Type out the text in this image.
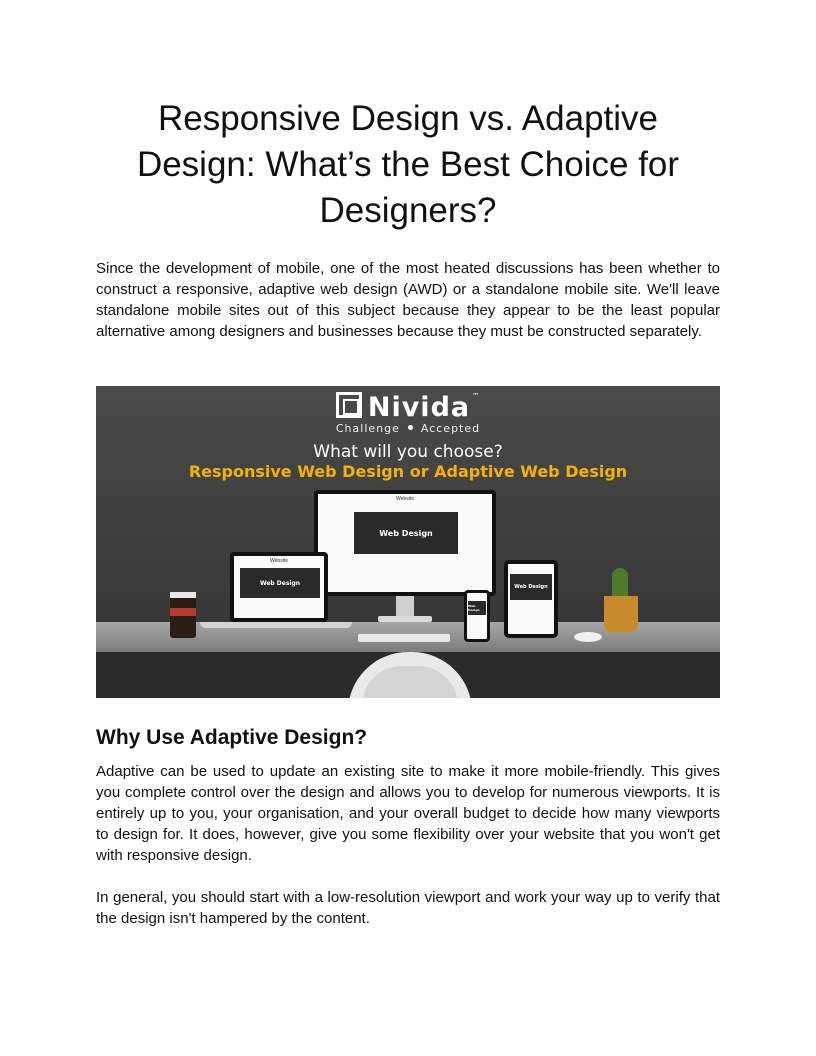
Responsive Design vs. Adaptive Design: What’s the Best Choice for Designers?

Since the development of mobile, one of the most heated discussions has been whether to construct a responsive, adaptive web design (AWD) or a standalone mobile site. We'll leave standalone mobile sites out of this subject because they appear to be the least popular alternative among designers and businesses because they must be constructed separately.

Nivida ™
Challenge Accepted
What will you choose?
Responsive Web Design or Adaptive Web Design
Website
Web Design
Website
Web Design
Web Design
Web Design
Why Use Adaptive Design?

Adaptive can be used to update an existing site to make it more mobile-friendly. This gives you complete control over the design and allows you to develop for numerous viewports. It is entirely up to you, your organisation, and your overall budget to decide how many viewports to design for. It does, however, give you some flexibility over your website that you won't get with responsive design.

In general, you should start with a low-resolution viewport and work your way up to verify that the design isn't hampered by the content.
